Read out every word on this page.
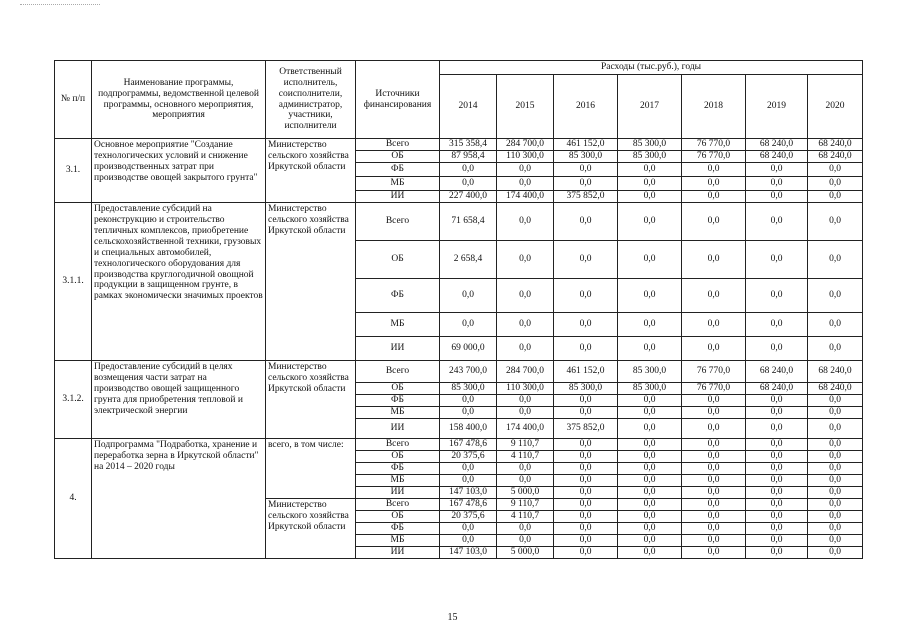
№ п/п	Наименование программы, подпрограммы, ведомственной целевой программы, основного мероприятия, мероприятия	Ответственный исполнитель, соисполнители, администратор, участники, исполнители	Источники финансирования	Расходы (тыс.руб.), годы						
				2014	2015	2016	2017	2018	2019	2020
3.1.	Основное мероприятие "Создание технологических условий и снижение производственных затрат при производстве овощей закрытого грунта"	Министерство сельского хозяйства Иркутской области	Всего	315 358,4	284 700,0	461 152,0	85 300,0	76 770,0	68 240,0	68 240,0
			ОБ	87 958,4	110 300,0	85 300,0	85 300,0	76 770,0	68 240,0	68 240,0
			ФБ	0,0	0,0	0,0	0,0	0,0	0,0	0,0
			МБ	0,0	0,0	0,0	0,0	0,0	0,0	0,0
			ИИ	227 400,0	174 400,0	375 852,0	0,0	0,0	0,0	0,0
3.1.1.	Предоставление субсидий на реконструкцию и строительство тепличных комплексов, приобретение сельскохозяйственной техники, грузовых и специальных автомобилей, технологического оборудования для производства круглогодичной овощной продукции в защищенном грунте, в рамках экономически значимых проектов	Министерство сельского хозяйства Иркутской области	Всего	71 658,4	0,0	0,0	0,0	0,0	0,0	0,0
			ОБ	2 658,4	0,0	0,0	0,0	0,0	0,0	0,0
			ФБ	0,0	0,0	0,0	0,0	0,0	0,0	0,0
			МБ	0,0	0,0	0,0	0,0	0,0	0,0	0,0
			ИИ	69 000,0	0,0	0,0	0,0	0,0	0,0	0,0
3.1.2.	Предоставление субсидий в целях возмещения части затрат на производство овощей защищенного грунта для приобретения тепловой и электрической энергии	Министерство сельского хозяйства Иркутской области	Всего	243 700,0	284 700,0	461 152,0	85 300,0	76 770,0	68 240,0	68 240,0
			ОБ	85 300,0	110 300,0	85 300,0	85 300,0	76 770,0	68 240,0	68 240,0
			ФБ	0,0	0,0	0,0	0,0	0,0	0,0	0,0
			МБ	0,0	0,0	0,0	0,0	0,0	0,0	0,0
			ИИ	158 400,0	174 400,0	375 852,0	0,0	0,0	0,0	0,0
4.	Подпрограмма "Подработка, хранение и переработка зерна в Иркутской области" на 2014 – 2020 годы	всего, в том числе:	Всего	167 478,6	9 110,7	0,0	0,0	0,0	0,0	0,0
			ОБ	20 375,6	4 110,7	0,0	0,0	0,0	0,0	0,0
			ФБ	0,0	0,0	0,0	0,0	0,0	0,0	0,0
			МБ	0,0	0,0	0,0	0,0	0,0	0,0	0,0
			ИИ	147 103,0	5 000,0	0,0	0,0	0,0	0,0	0,0
		Министерство сельского хозяйства Иркутской области	Всего	167 478,6	9 110,7	0,0	0,0	0,0	0,0	0,0
			ОБ	20 375,6	4 110,7	0,0	0,0	0,0	0,0	0,0
			ФБ	0,0	0,0	0,0	0,0	0,0	0,0	0,0
			МБ	0,0	0,0	0,0	0,0	0,0	0,0	0,0
			ИИ	147 103,0	5 000,0	0,0	0,0	0,0	0,0	0,0
15
